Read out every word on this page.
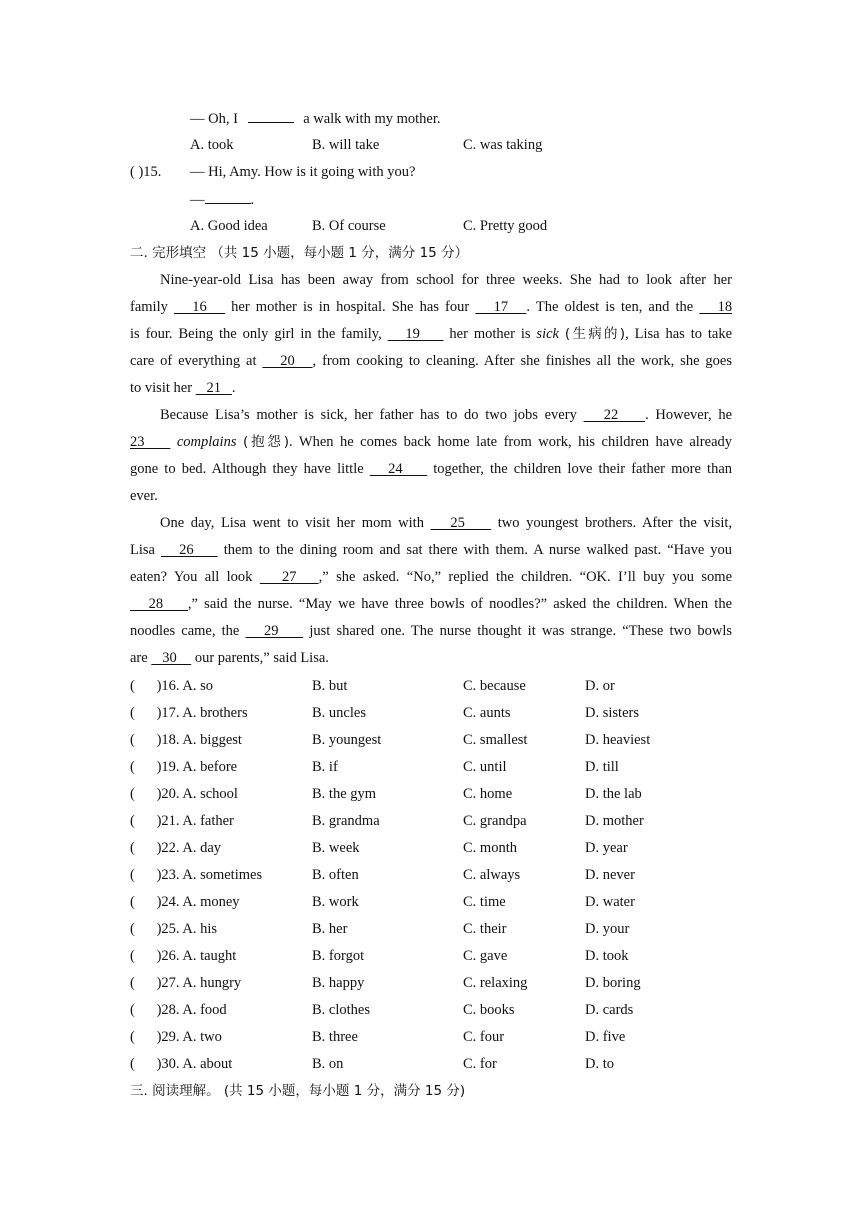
— Oh, I	a walk with my mother.
A. took	B. will take	C. was taking
( )15. — Hi, Amy. How is it going with you?
—	.
A. Good idea	B. Of course	C. Pretty good
二. 完形填空 （共 15 小题，每小题 1 分，满分 15 分）
Nine-year-old Lisa has been away from school for three weeks. She had to look after her
family    16    her mother is in hospital. She has four    17   . The oldest is ten, and the    18
is four. Being the only girl in the family,    19     her mother is sick (生病的), Lisa has to take
care of everything at    20   , from cooking to cleaning. After she finishes all the work, she goes
to visit her    21   .
Because Lisa’s mother is sick, her father has to do two jobs every    22    . However, he
23     complains (抱怨). When he comes back home late from work, his children have already
gone to bed. Although they have little    24     together, the children love their father more than
ever.
One day, Lisa went to visit her mom with    25     two youngest brothers. After the visit,
Lisa    26     them to the dining room and sat there with them. A nurse walked past. “Have you
eaten? You all look    27   ,” she asked. “No,” replied the children. “OK. I’ll buy you some
28    ,” said the nurse. “May we have three bowls of noodles?” asked the children. When the
noodles came, the    29     just shared one. The nurse thought it was strange. “These two bowls
are    30     our parents,” said Lisa.
(      )16. A. so	B. but	C. because	D. or
(      )17. A. brothers	B. uncles	C. aunts	D. sisters
(      )18. A. biggest	B. youngest	C. smallest	D. heaviest
(      )19. A. before	B. if	C. until	D. till
(      )20. A. school	B. the gym	C. home	D. the lab
(      )21. A. father	B. grandma	C. grandpa	D. mother
(      )22. A. day	B. week	C. month	D. year
(      )23. A. sometimes	B. often	C. always	D. never
(      )24. A. money	B. work	C. time	D. water
(      )25. A. his	B. her	C. their	D. your
(      )26. A. taught	B. forgot	C. gave	D. took
(      )27. A. hungry	B. happy	C. relaxing	D. boring
(      )28. A. food	B. clothes	C. books	D. cards
(      )29. A. two	B. three	C. four	D. five
(      )30. A. about	B. on	C. for	D. to
三. 阅读理解。 (共 15 小题，每小题 1 分，满分 15 分)
